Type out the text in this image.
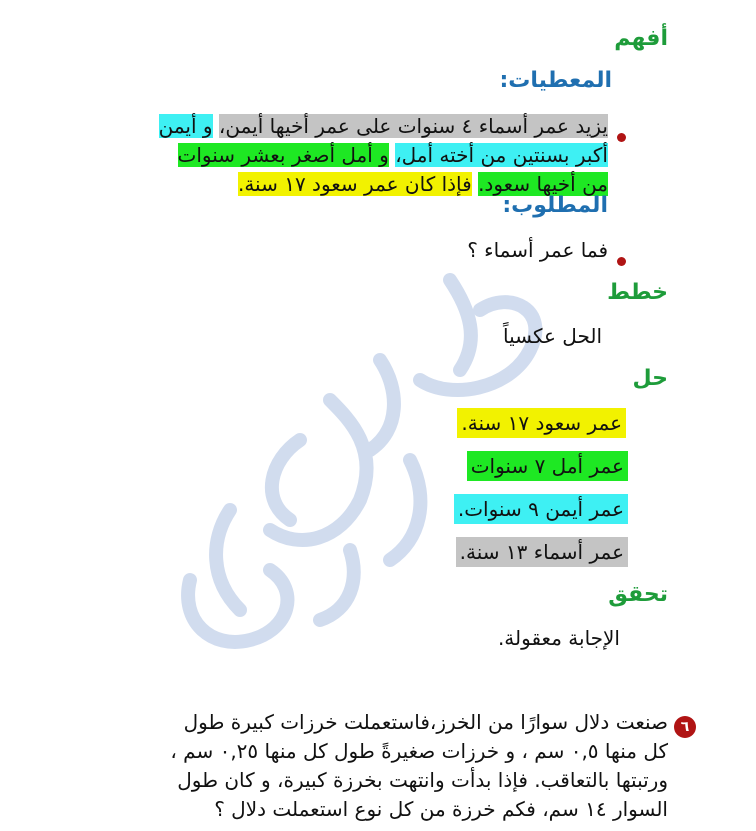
أفهم
المعطيات:
يزيد عمر أسماء ٤ سنوات على عمر أخيها أيمن، و أيمن
أكبر بسنتين من أخته أمل، و أمل أصغر بعشر سنوات
من أخيها سعود. فإذا كان عمر سعود ١٧ سنة.
المطلوب:
فما عمر أسماء ؟
خطط
الحل عكسياً
حل
عمر سعود ١٧ سنة.
عمر أمل ٧ سنوات
عمر أيمن ٩ سنوات.
عمر أسماء ١٣ سنة.
تحقق
الإجابة معقولة.
٦
صنعت دلال سوارًا من الخرز،فاستعملت خرزات كبيرة طول
كل منها ٠,٥ سم ، و خرزات صغيرةً طول كل منها ٠,٢٥ سم ،
ورتبتها بالتعاقب. فإذا بدأت وانتهت بخرزة كبيرة، و كان طول
السوار ١٤ سم، فكم خرزة من كل نوع استعملت دلال ؟
